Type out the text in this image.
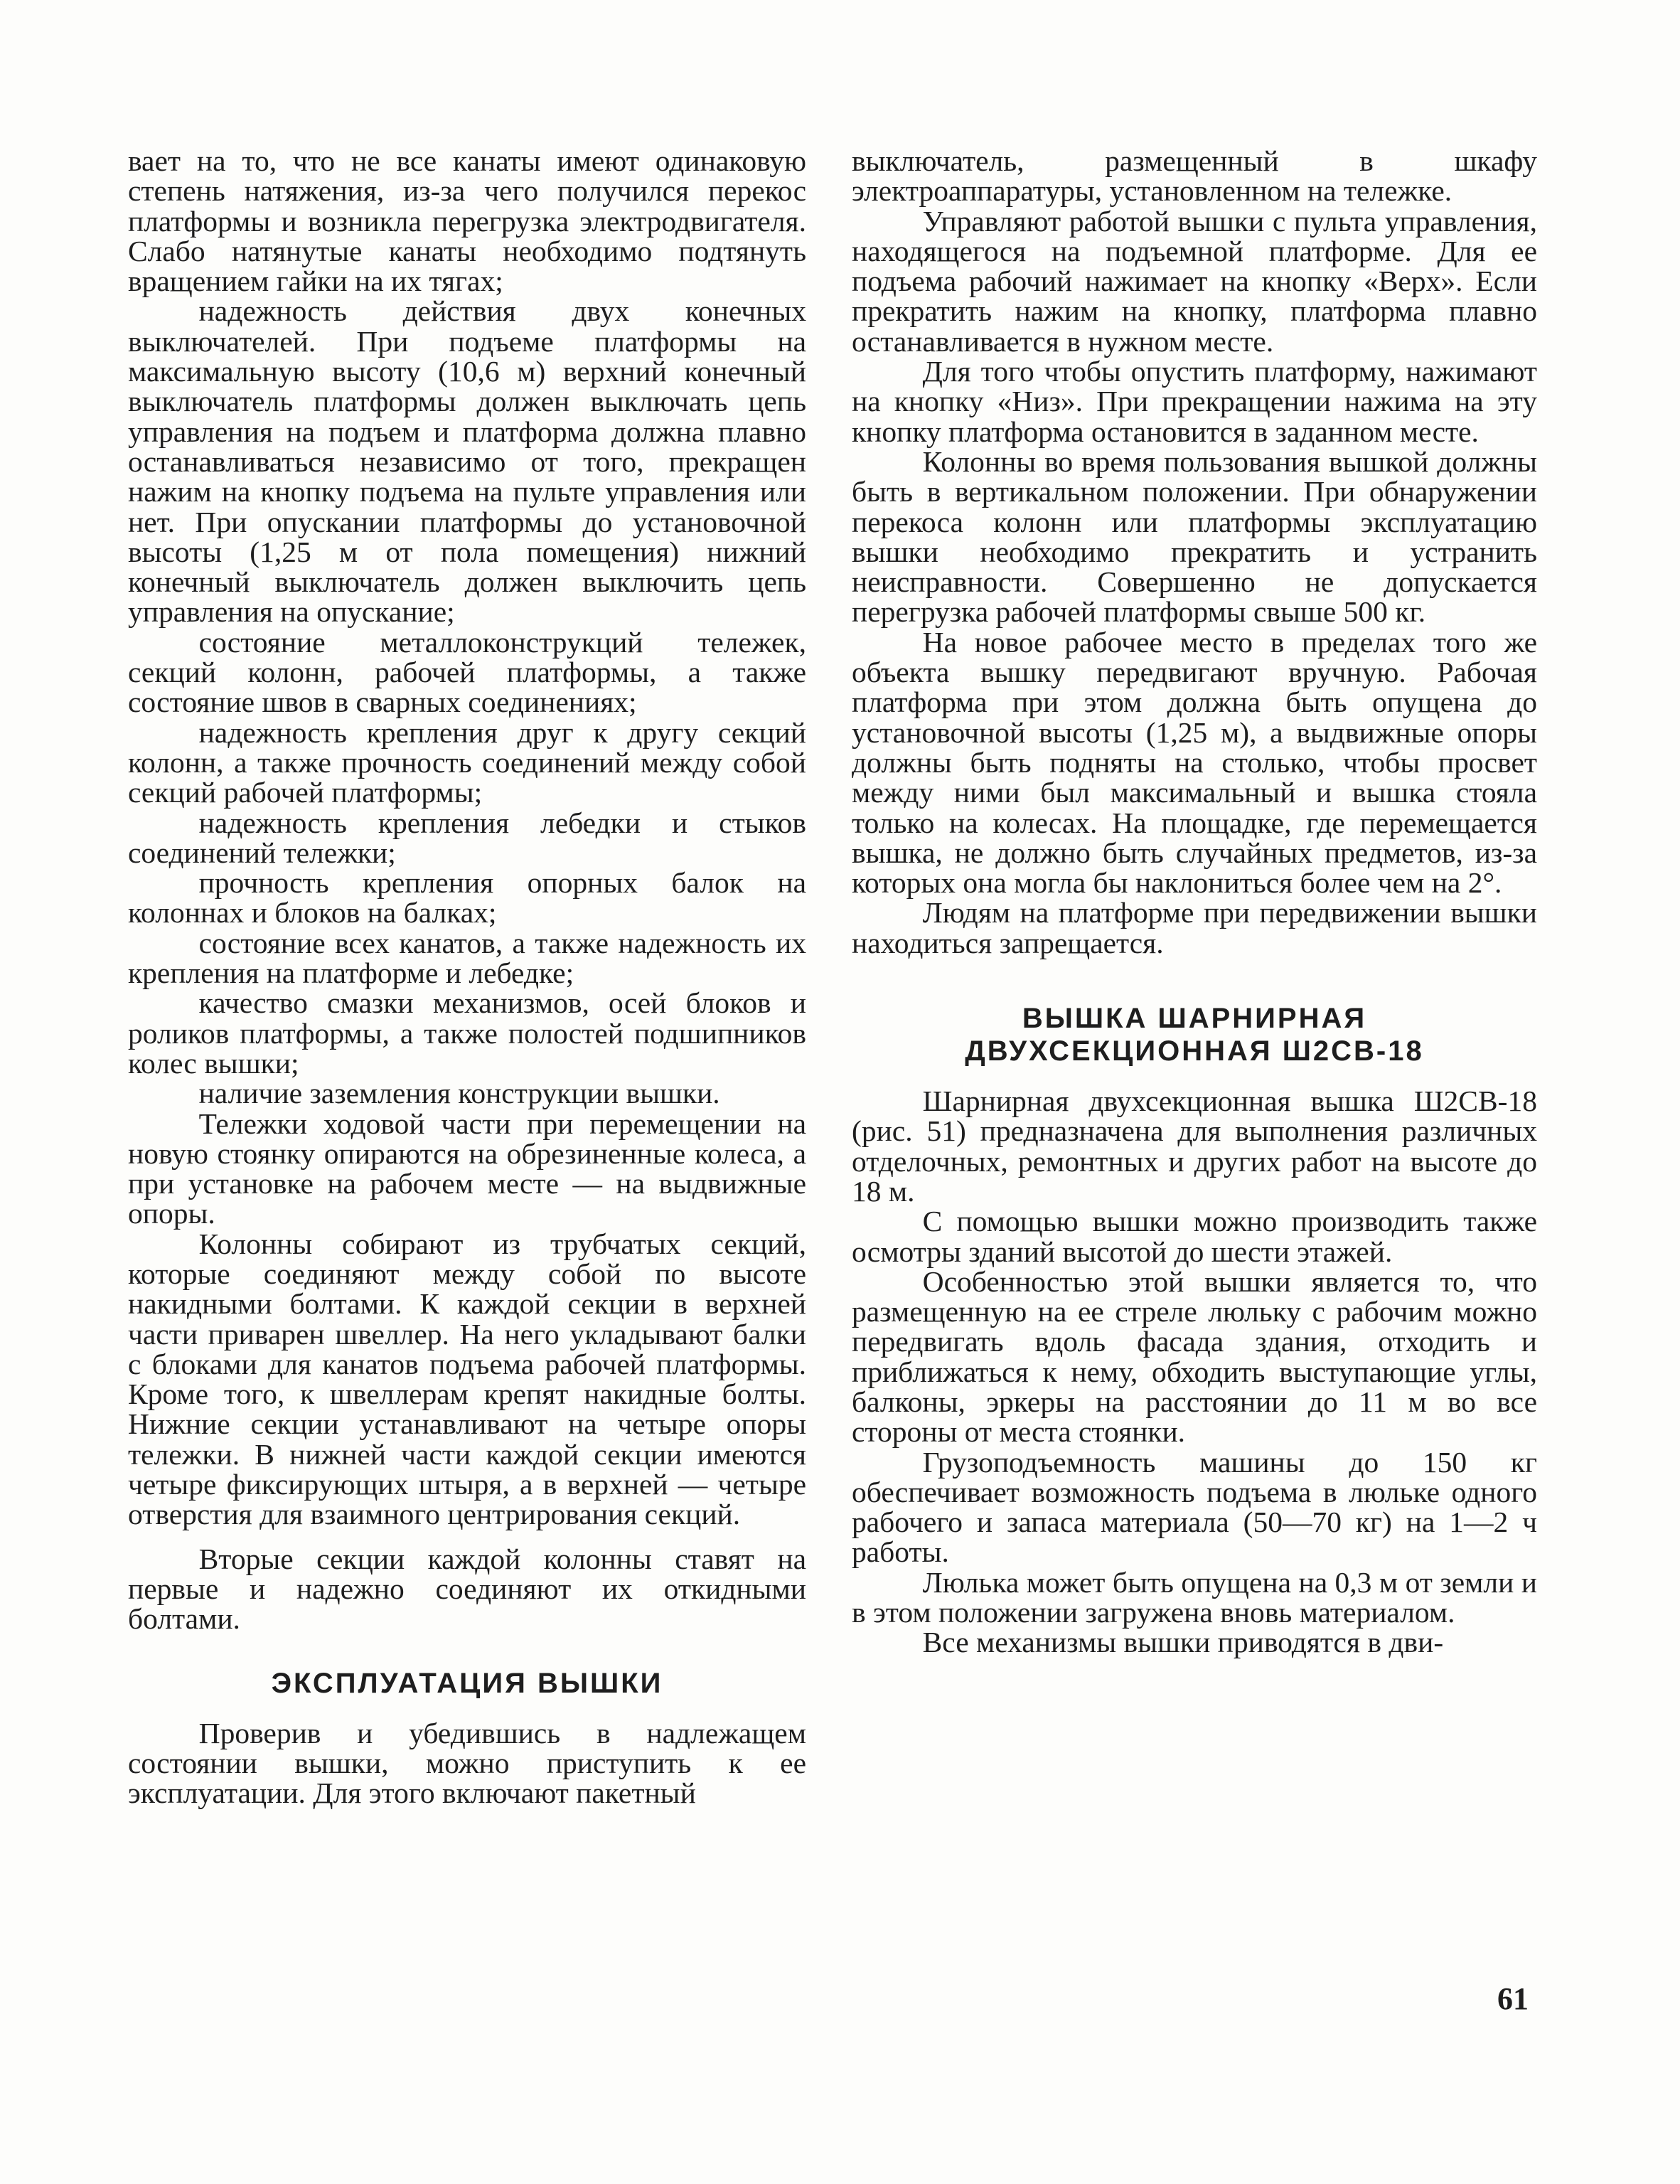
вает на то, что не все канаты имеют одинаковую степень натяжения, из-за чего получился перекос платформы и возникла перегрузка электродвигателя. Слабо натянутые канаты необходимо подтянуть вращением гайки на их тягах;

надежность действия двух конечных выключателей. При подъеме платформы на максимальную высоту (10,6 м) верхний конечный выключатель платформы должен выключать цепь управления на подъем и платформа должна плавно останавливаться независимо от того, прекращен нажим на кнопку подъема на пульте управления или нет. При опускании платформы до установочной высоты (1,25 м от пола помещения) нижний конечный выключатель должен выключить цепь управления на опускание;

состояние металлоконструкций тележек, секций колонн, рабочей платформы, а также состояние швов в сварных соединениях;

надежность крепления друг к другу секций колонн, а также прочность соединений между собой секций рабочей платформы;

надежность крепления лебедки и стыков соединений тележки;

прочность крепления опорных балок на колоннах и блоков на балках;

состояние всех канатов, а также надежность их крепления на платформе и лебедке;

качество смазки механизмов, осей блоков и роликов платформы, а также полостей подшипников колес вышки;

наличие заземления конструкции вышки.

Тележки ходовой части при перемещении на новую стоянку опираются на обрезиненные колеса, а при установке на рабочем месте — на выдвижные опоры.

Колонны собирают из трубчатых секций, которые соединяют между собой по высоте накидными болтами. К каждой секции в верхней части приварен швеллер. На него укладывают балки с блоками для канатов подъема рабочей платформы. Кроме того, к швеллерам крепят накидные болты. Нижние секции устанавливают на четыре опоры тележки. В нижней части каждой секции имеются четыре фиксирующих штыря, а в верхней — четыре отверстия для взаимного центрирования секций.

Вторые секции каждой колонны ставят на первые и надежно соединяют их откидными болтами.

ЭКСПЛУАТАЦИЯ ВЫШКИ

Проверив и убедившись в надлежащем состоянии вышки, можно приступить к ее эксплуатации. Для этого включают пакетный

выключатель, размещенный в шкафу электроаппаратуры, установленном на тележке.

Управляют работой вышки с пульта управления, находящегося на подъемной платформе. Для ее подъема рабочий нажимает на кнопку «Верх». Если прекратить нажим на кнопку, платформа плавно останавливается в нужном месте.

Для того чтобы опустить платформу, нажимают на кнопку «Низ». При прекращении нажима на эту кнопку платформа остановится в заданном месте.

Колонны во время пользования вышкой должны быть в вертикальном положении. При обнаружении перекоса колонн или платформы эксплуатацию вышки необходимо прекратить и устранить неисправности. Совершенно не допускается перегрузка рабочей платформы свыше 500 кг.

На новое рабочее место в пределах того же объекта вышку передвигают вручную. Рабочая платформа при этом должна быть опущена до установочной высоты (1,25 м), а выдвижные опоры должны быть подняты на столько, чтобы просвет между ними был максимальный и вышка стояла только на колесах. На площадке, где перемещается вышка, не должно быть случайных предметов, из-за которых она могла бы наклониться более чем на 2°.

Людям на платформе при передвижении вышки находиться запрещается.

ВЫШКА ШАРНИРНАЯ
ДВУХСЕКЦИОННАЯ Ш2СВ-18

Шарнирная двухсекционная вышка Ш2СВ-18 (рис. 51) предназначена для выполнения различных отделочных, ремонтных и других работ на высоте до 18 м.

С помощью вышки можно производить также осмотры зданий высотой до шести этажей.

Особенностью этой вышки является то, что размещенную на ее стреле люльку с рабочим можно передвигать вдоль фасада здания, отходить и приближаться к нему, обходить выступающие углы, балконы, эркеры на расстоянии до 11 м во все стороны от места стоянки.

Грузоподъемность машины до 150 кг обеспечивает возможность подъема в люльке одного рабочего и запаса материала (50—70 кг) на 1—2 ч работы.

Люлька может быть опущена на 0,3 м от земли и в этом положении загружена вновь материалом.

Все механизмы вышки приводятся в дви-

61
